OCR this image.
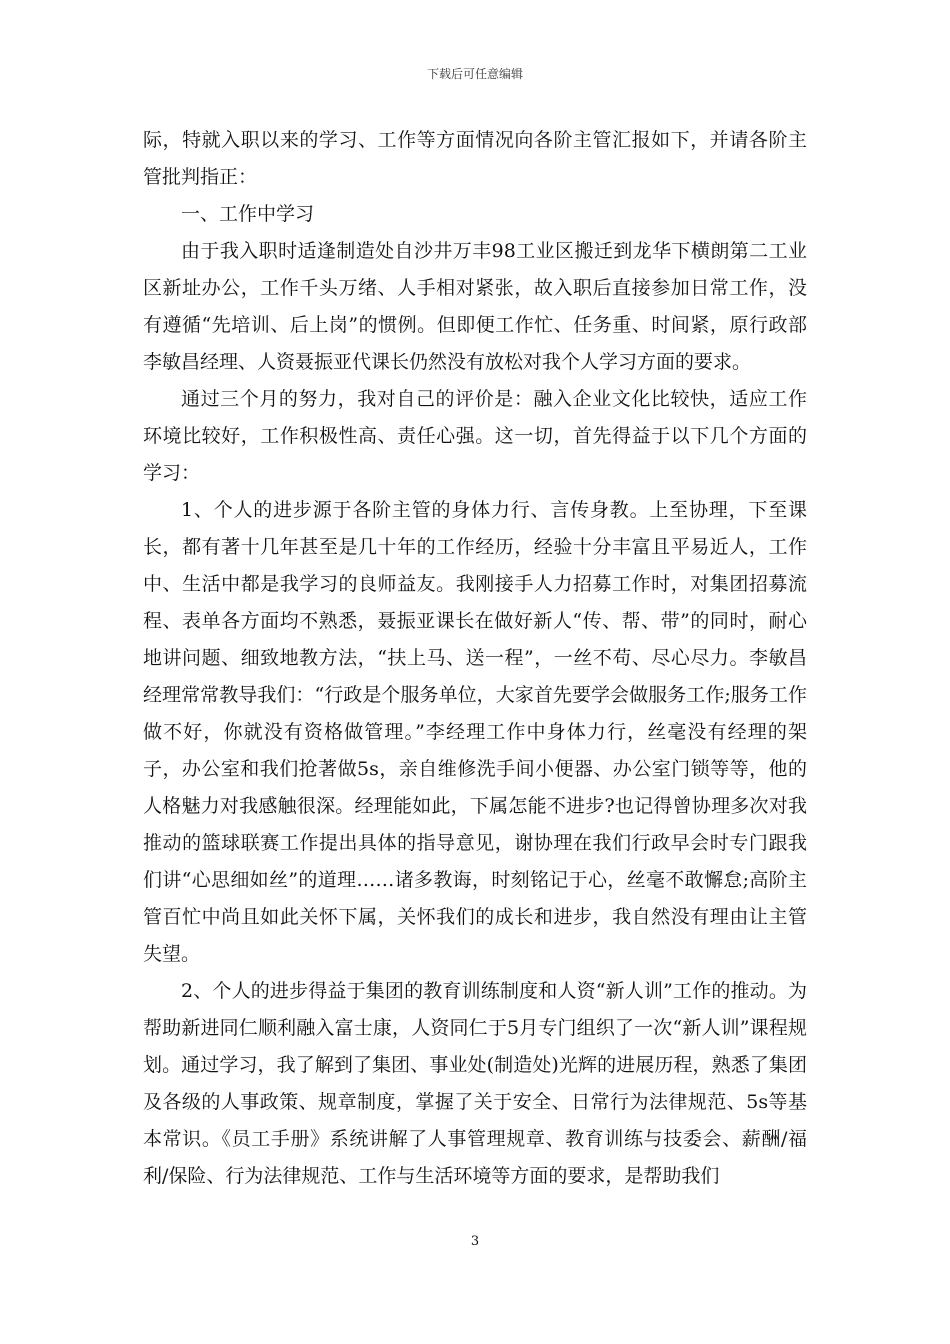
下载后可任意编辑

际，特就入职以来的学习、工作等方面情况向各阶主管汇报如下，并请各阶主管批判指正：

一、工作中学习

由于我入职时适逢制造处自沙井万丰98工业区搬迁到龙华下横朗第二工业区新址办公，工作千头万绪、人手相对紧张，故入职后直接参加日常工作，没有遵循“先培训、后上岗”的惯例。但即便工作忙、任务重、时间紧，原行政部李敏昌经理、人资聂振亚代课长仍然没有放松对我个人学习方面的要求。

通过三个月的努力，我对自己的评价是：融入企业文化比较快，适应工作环境比较好，工作积极性高、责任心强。这一切，首先得益于以下几个方面的学习：

1、个人的进步源于各阶主管的身体力行、言传身教。上至协理，下至课长，都有著十几年甚至是几十年的工作经历，经验十分丰富且平易近人，工作中、生活中都是我学习的良师益友。我刚接手人力招募工作时，对集团招募流程、表单各方面均不熟悉，聂振亚课长在做好新人“传、帮、带”的同时，耐心地讲问题、细致地教方法，“扶上马、送一程”，一丝不苟、尽心尽力。李敏昌经理常常教导我们：“行政是个服务单位，大家首先要学会做服务工作;服务工作做不好，你就没有资格做管理。”李经理工作中身体力行，丝毫没有经理的架子，办公室和我们抢著做5s，亲自维修洗手间小便器、办公室门锁等等，他的人格魅力对我感触很深。经理能如此，下属怎能不进步?也记得曾协理多次对我推动的篮球联赛工作提出具体的指导意见，谢协理在我们行政早会时专门跟我们讲“心思细如丝”的道理……诸多教诲，时刻铭记于心，丝毫不敢懈怠;高阶主管百忙中尚且如此关怀下属，关怀我们的成长和进步，我自然没有理由让主管失望。

2、个人的进步得益于集团的教育训练制度和人资“新人训”工作的推动。为帮助新进同仁顺利融入富士康，人资同仁于5月专门组织了一次“新人训”课程规划。通过学习，我了解到了集团、事业处(制造处)光辉的进展历程，熟悉了集团及各级的人事政策、规章制度，掌握了关于安全、日常行为法律规范、5s等基本常识。《员工手册》系统讲解了人事管理规章、教育训练与技委会、薪酬/福利/保险、行为法律规范、工作与生活环境等方面的要求，是帮助我们

3
